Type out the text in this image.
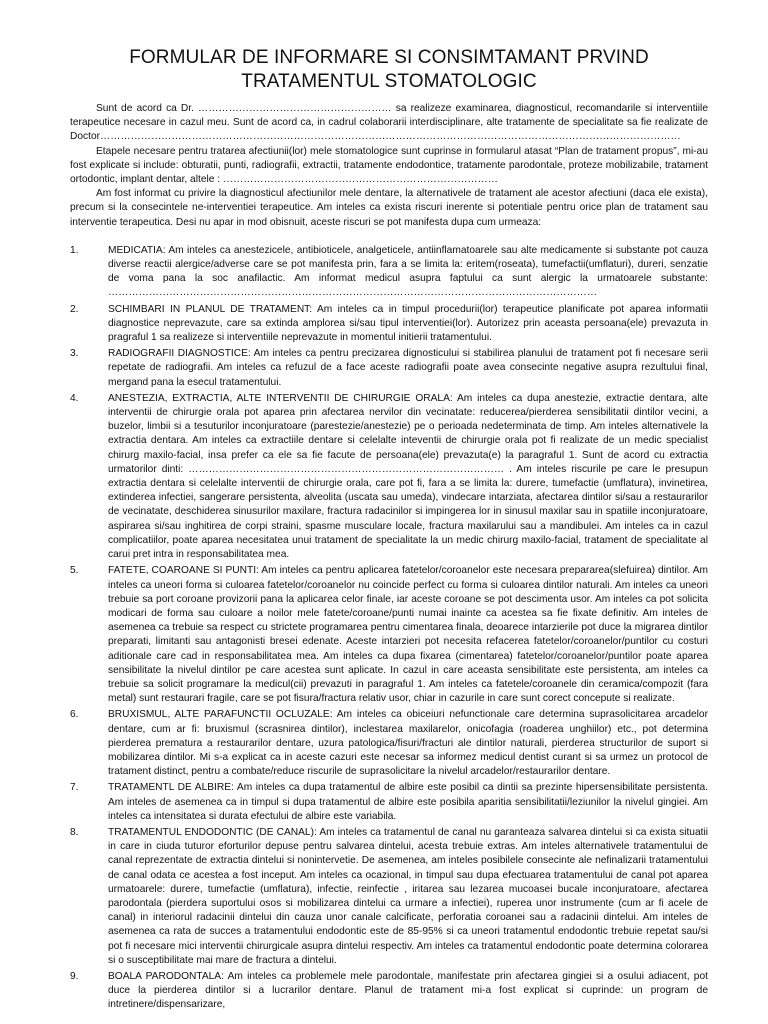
FORMULAR DE INFORMARE SI CONSIMTAMANT PRVIND TRATAMENTUL STOMATOLOGIC

Sunt de acord ca Dr. ………………………………………………… sa realizeze examinarea, diagnosticul, recomandarile si interventiile terapeutice necesare in cazul meu. Sunt de acord ca, in cadrul colaborarii interdisciplinare, alte tratamente de specialitate sa fie realizate de Doctor………………………………………………………………………………………………………………………………………………………

Etapele necesare pentru tratarea afectiunii(lor) mele stomatologice sunt cuprinse in formularul atasat “Plan de tratament propus”, mi-au fost explicate si include: obturatii, punti, radiografii, extractii, tratamente endodontice, tratamente parodontale, proteze mobilizabile, tratament ortodontic, implant dentar, altele : ………………………………………………………………………

Am fost informat cu privire la diagnosticul afectiunilor mele dentare, la alternativele de tratament ale acestor afectiuni (daca ele exista), precum si la consecintele ne-interventiei terapeutice. Am inteles ca exista riscuri inerente si potentiale pentru orice plan de tratament sau interventie terapeutica. Desi nu apar in mod obisnuit, aceste riscuri se pot manifesta dupa cum urmeaza:

1.	MEDICATIA: Am inteles ca anestezicele, antibioticele, analgeticele, antiinflamatoarele sau alte medicamente si substante pot cauza diverse reactii alergice/adverse care se pot manifesta prin, fara a se limita la: eritem(roseata), tumefactii(umflaturi), dureri, senzatie de voma pana la soc anafilactic. Am informat medicul asupra faptului ca sunt alergic la urmatoarele substante: ………………………………………………………………………………………………………………………………
2.	SCHIMBARI IN PLANUL DE TRATAMENT: Am inteles ca in timpul procedurii(lor) terapeutice planificate pot aparea informatii diagnostice neprevazute, care sa extinda amplorea si/sau tipul interventiei(lor). Autorizez prin aceasta persoana(ele) prevazuta in pragraful 1 sa realizeze si interventiile neprevazute in momentul initierii tratamentului.
3.	RADIOGRAFII DIAGNOSTICE: Am inteles ca pentru precizarea dignosticului si stabilirea planului de tratament pot fi necesare serii repetate de radiografii. Am inteles ca refuzul de a face aceste radiografii poate avea consecinte negative asupra rezultului final, mergand pana la esecul tratamentului.
4.	ANESTEZIA, EXTRACTIA, ALTE INTERVENTII DE CHIRURGIE ORALA: Am inteles ca dupa anestezie, extractie dentara, alte interventii de chirurgie orala pot aparea prin afectarea nervilor din vecinatate: reducerea/pierderea sensibilitatii dintilor vecini, a buzelor, limbii si a tesuturilor inconjuratoare (parestezie/anestezie) pe o perioada nedeterminata de timp. Am inteles alternativele la extractia dentara. Am inteles ca extractiile dentare si celelalte inteventii de chirurgie orala pot fi realizate de un medic specialist chirurg maxilo-facial, insa prefer ca ele sa fie facute de persoana(ele) prevazuta(e) la paragraful 1. Sunt de acord cu extractia urmatorilor dinti: ………………………………………………………………………………… . Am inteles riscurile pe care le presupun extractia dentara si celelalte interventii de chirurgie orala, care pot fi, fara a se limita la: durere, tumefactie (umflatura), invinetirea, extinderea infectiei, sangerare persistenta, alveolita (uscata sau umeda), vindecare intarziata, afectarea dintilor si/sau a restaurarilor de vecinatate, deschiderea sinusurilor maxilare, fractura radacinilor si impingerea lor in sinusul maxilar sau in spatiile inconjuratoare, aspirarea si/sau inghitirea de corpi straini, spasme musculare locale, fractura maxilarului sau a mandibulei. Am inteles ca in cazul complicatiilor, poate aparea necesitatea unui tratament de specialitate la un medic chirurg maxilo-facial, tratament de specialitate al carui pret intra in responsabilitatea mea.
5.	FATETE, COAROANE SI PUNTI: Am inteles ca pentru aplicarea fatetelor/coroanelor este necesara prepararea(slefuirea) dintilor. Am inteles ca uneori forma si culoarea fatetelor/coroanelor nu coincide perfect cu forma si culoarea dintilor naturali. Am inteles ca uneori trebuie sa port coroane provizorii pana la aplicarea celor finale, iar aceste coroane se pot descimenta usor. Am inteles ca pot solicita modicari de forma sau culoare a noilor mele fatete/coroane/punti numai inainte ca acestea sa fie fixate definitiv. Am inteles de asemenea ca trebuie sa respect cu strictete programarea pentru cimentarea finala, deoarece intarzierile pot duce la migrarea dintilor preparati, limitanti sau antagonisti bresei edenate. Aceste intarzieri pot necesita refacerea fatetelor/coroanelor/puntilor cu costuri aditionale care cad in responsabilitatea mea. Am inteles ca dupa fixarea (cimentarea) fatetelor/coroanelor/puntilor poate aparea sensibilitate la nivelul dintilor pe care acestea sunt aplicate. In cazul in care aceasta sensibilitate este persistenta, am inteles ca trebuie sa solicit programare la medicul(cii) prevazuti in paragraful 1. Am inteles ca fatetele/coroanele din ceramica/compozit (fara metal) sunt restaurari fragile, care se pot fisura/fractura relativ usor, chiar in cazurile in care sunt corect concepute si realizate.
6.	BRUXISMUL, ALTE PARAFUNCTII OCLUZALE: Am inteles ca obiceiuri nefunctionale care determina suprasolicitarea arcadelor dentare, cum ar fi: bruxismul (scrasnirea dintilor), inclestarea maxilarelor, onicofagia (roaderea unghiilor) etc., pot determina pierderea prematura a restaurarilor dentare, uzura patologica/fisuri/fracturi ale dintilor naturali, pierderea structurilor de suport si mobilizarea dintilor. Mi s-a explicat ca in aceste cazuri este necesar sa informez medicul dentist curant si sa urmez un protocol de tratament distinct, pentru a combate/reduce riscurile de suprasolicitare la nivelul arcadelor/restaurarilor dentare.
7.	TRATAMENTL DE ALBIRE: Am inteles ca dupa tratamentul de albire este posibil ca dintii sa prezinte hipersensibilitate persistenta. Am inteles de asemenea ca in timpul si dupa tratamentul de albire este posibila aparitia sensibilitatii/leziunilor la nivelul gingiei. Am inteles ca intensitatea si durata efectului de albire este variabila.
8.	TRATAMENTUL ENDODONTIC (DE CANAL): Am inteles ca tratamentul de canal nu garanteaza salvarea dintelui si ca exista situatii in care in ciuda tuturor eforturilor depuse pentru salvarea dintelui, acesta trebuie extras. Am inteles alternativele tratamentului de canal reprezentate de extractia dintelui si nonintervetie. De asemenea, am inteles posibilele consecinte ale nefinalizarii tratamentului de canal odata ce acestea a fost inceput. Am inteles ca ocazional, in timpul sau dupa efectuarea tratamentului de canal pot aparea urmatoarele: durere, tumefactie (umflatura), infectie, reinfectie , iritarea sau lezarea mucoasei bucale inconjuratoare, afectarea parodontala (pierdera suportului osos si mobilizarea dintelui ca urmare a infectiei), ruperea unor instrumente (cum ar fi acele de canal) in interiorul radacinii dintelui din cauza unor canale calcificate, perforatia coroanei sau a radacinii dintelui. Am inteles de asemenea ca rata de succes a tratamentului endodontic este de 85-95% si ca uneori tratamentul endodontic trebuie repetat sau/si pot fi necesare mici interventii chirurgicale asupra dintelui respectiv. Am inteles ca tratamentul endodontic poate determina colorarea si o susceptibilitate mai mare de fractura a dintelui.
9.	BOALA PARODONTALA: Am inteles ca problemele mele parodontale, manifestate prin afectarea gingiei si a osului adiacent, pot duce la pierderea dintilor si a lucrarilor dentare. Planul de tratament mi-a fost explicat si cuprinde: un program de intretinere/dispensarizare,
